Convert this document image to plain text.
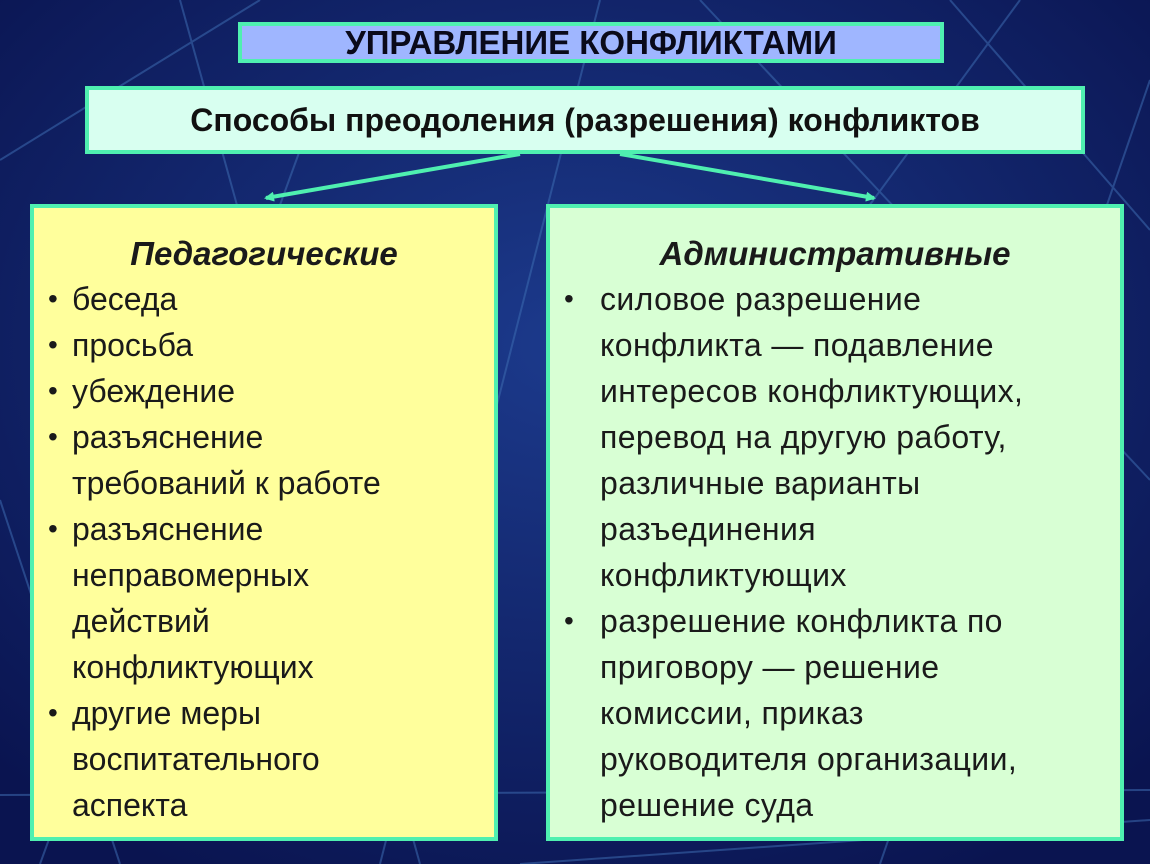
УПРАВЛЕНИЕ КОНФЛИКТАМИ
Способы преодоления (разрешения) конфликтов
Педагогические
• беседа
• просьба
• убеждение
• разъяснение
требований к работе
• разъяснение
неправомерных
действий
конфликтующих
• другие меры
воспитательного
аспекта
Административные
• силовое разрешение
конфликта — подавление
интересов конфликтующих,
перевод на другую работу,
различные варианты
разъединения
конфликтующих
• разрешение конфликта по
приговору — решение
комиссии, приказ
руководителя организации,
решение суда
